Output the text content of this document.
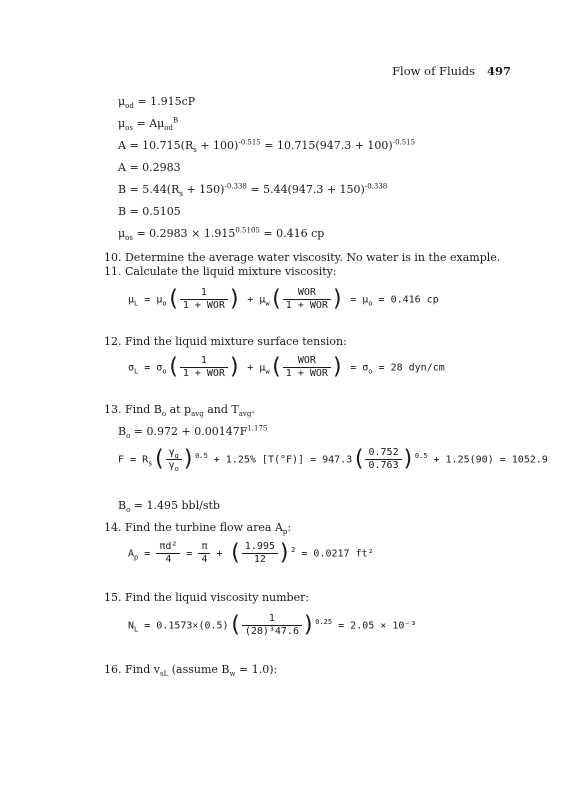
Flow of Fluids 497
$\mu_{od} = 1.915cP$
$\mu_{os} = A\mu_{od}^B$
$A = 10.715(R_s + 100)^{-0.515} = 10.715(947.3 + 100)^{-0.515}$
A = 0.2983
$B = 5.44(R_s + 150)^{-0.338} = 5.44(947.3 + 150)^{-0.338}$
B = 0.5105
$\mu_{os} = 0.2983 \times 1.915^{0.5105} = 0.416$ cp
10. Determine the average water viscosity. No water is in the example.
11. Calculate the liquid mixture viscosity:
$\mu_L = \mu_o( \frac{1}{\text{1 + WOR}}$ ) + $\mu_w( \frac{\text{WOR}}{\text{1 + WOR}}$ ) = $\mu_o = 0.416$ cp
12. Find the liquid mixture surface tension:
$\sigma_L = \sigma_o( \frac{1}{\text{1 + WOR}}$ ) + $\mu_w( \frac{\text{WOR}}{\text{1 + WOR}}$ ) = $\sigma_o = 28$ dyn/cm
13. Find $B_o$ at $p_{avg}$ and $T_{avg}$.
$B_o = 0.972 + 0.00147F^{1.175}$
$F = R_s( \frac{\gamma_g}{\gamma_o} )^{0.5} + 1.25\%$ $[T(^\circ F)] = 947.3( \frac{0.752}{0.763} )^{0.5} + 1.25(90) = 1052.9$
$B_o = 1.495$ bbl/stb
14. Find the turbine flow area $A_p$:
$A_p = \frac{\text{πd²}}{4} = \frac{\pi}{4}$ + ( $\frac{1.995}{12} )^2 = 0.0217$ ft²
15. Find the liquid viscosity number:
$N_L = 0.1573\times(0.5)( \frac{1}{\text{(28)³47.6}} )^{0.25} = 2.05 \times 10^{-3}$
16. Find $v_{sL}$ (assume $B_w = 1.0$):
